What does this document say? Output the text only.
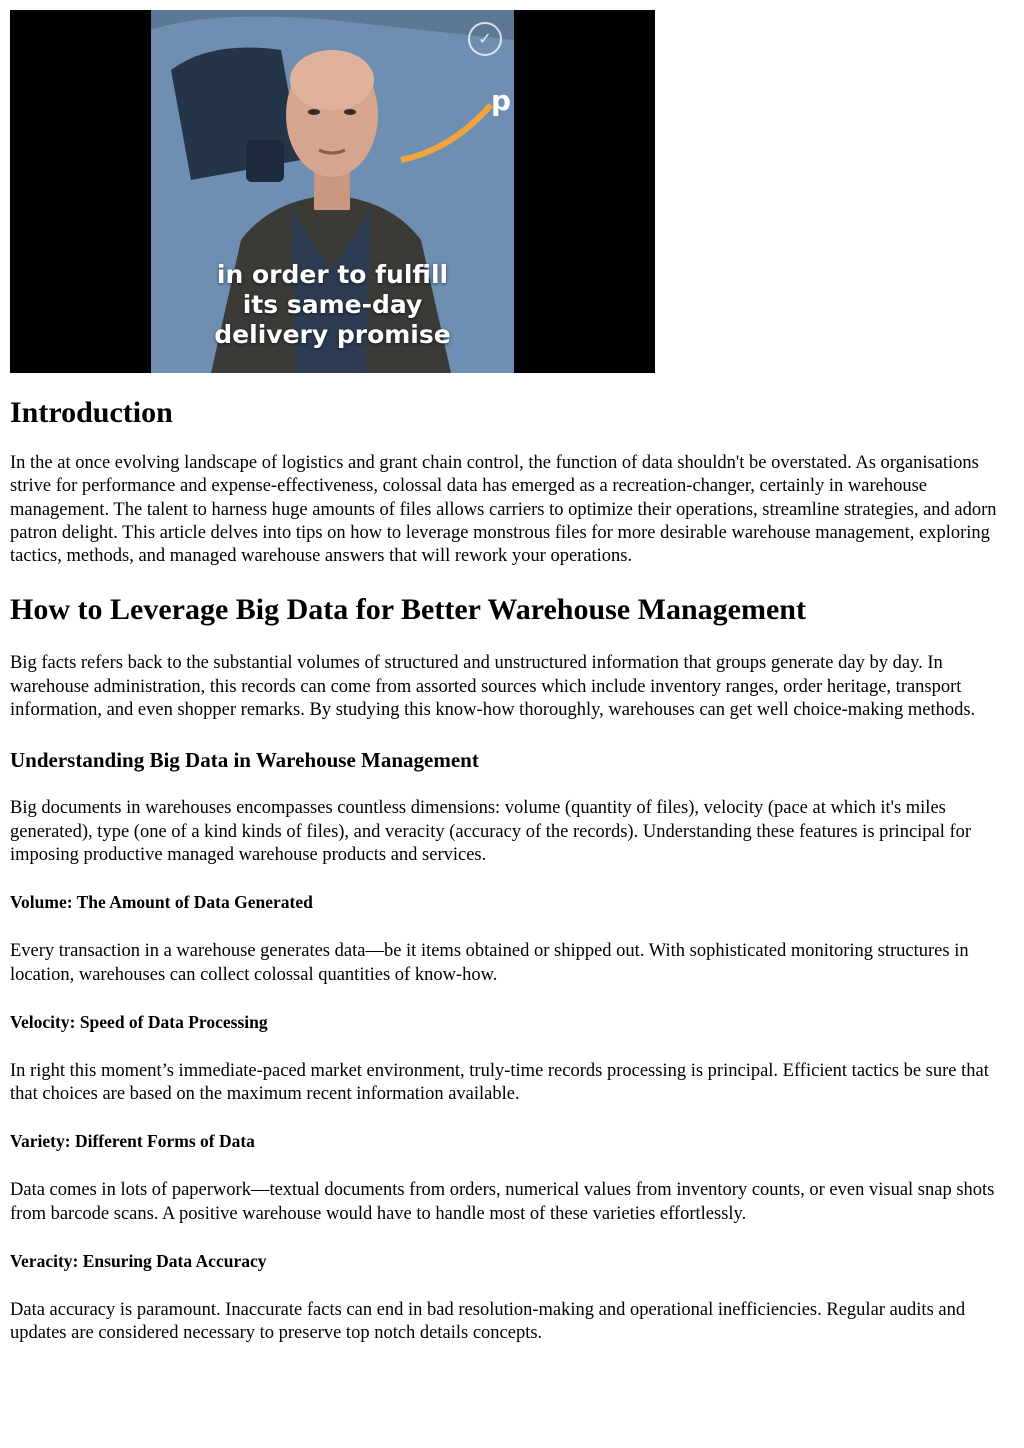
p
✓
in order to fulfill
its same-day
delivery promise
Introduction

In the at once evolving landscape of logistics and grant chain control, the function of data shouldn't be overstated. As organisations strive for performance and expense-effectiveness, colossal data has emerged as a recreation-changer, certainly in warehouse management. The talent to harness huge amounts of files allows carriers to optimize their operations, streamline strategies, and adorn patron delight. This article delves into tips on how to leverage monstrous files for more desirable warehouse management, exploring tactics, methods, and managed warehouse answers that will rework your operations.

How to Leverage Big Data for Better Warehouse Management

Big facts refers back to the substantial volumes of structured and unstructured information that groups generate day by day. In warehouse administration, this records can come from assorted sources which include inventory ranges, order heritage, transport information, and even shopper remarks. By studying this know-how thoroughly, warehouses can get well choice-making methods.

Understanding Big Data in Warehouse Management

Big documents in warehouses encompasses countless dimensions: volume (quantity of files), velocity (pace at which it's miles generated), type (one of a kind kinds of files), and veracity (accuracy of the records). Understanding these features is principal for imposing productive managed warehouse products and services.

Volume: The Amount of Data Generated

Every transaction in a warehouse generates data—be it items obtained or shipped out. With sophisticated monitoring structures in location, warehouses can collect colossal quantities of know-how.

Velocity: Speed of Data Processing

In right this moment’s immediate-paced market environment, truly-time records processing is principal. Efficient tactics be sure that that choices are based on the maximum recent information available.

Variety: Different Forms of Data

Data comes in lots of paperwork—textual documents from orders, numerical values from inventory counts, or even visual snap shots from barcode scans. A positive warehouse would have to handle most of these varieties effortlessly.

Veracity: Ensuring Data Accuracy

Data accuracy is paramount. Inaccurate facts can end in bad resolution-making and operational inefficiencies. Regular audits and updates are considered necessary to preserve top notch details concepts.
